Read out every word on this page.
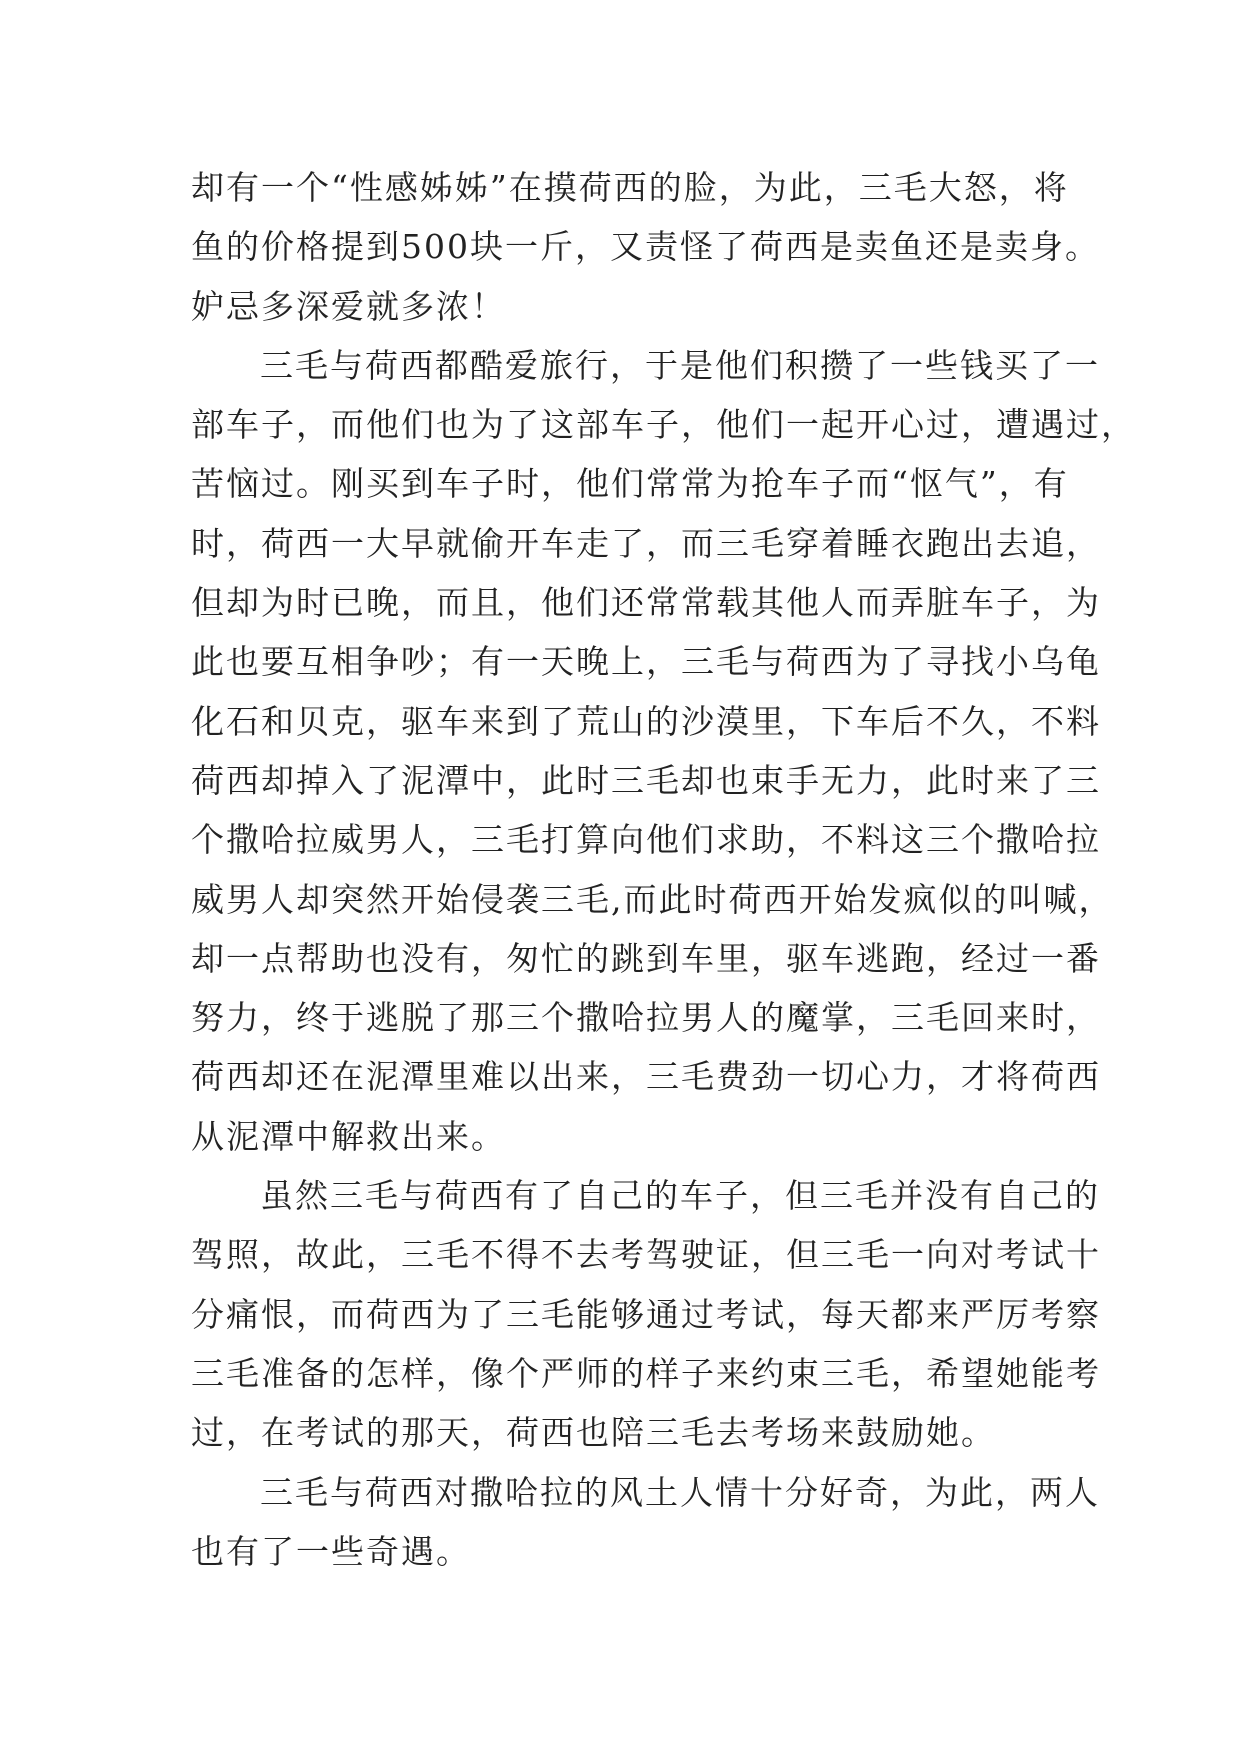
却有一个“性感姊姊”在摸荷西的脸，为此，三毛大怒，将
鱼的价格提到500块一斤，又责怪了荷西是卖鱼还是卖身。
妒忌多深爱就多浓！
三毛与荷西都酷爱旅行，于是他们积攒了一些钱买了一
部车子，而他们也为了这部车子，他们一起开心过，遭遇过，
苦恼过。刚买到车子时，他们常常为抢车子而“怄气”，有
时，荷西一大早就偷开车走了，而三毛穿着睡衣跑出去追，
但却为时已晚，而且，他们还常常载其他人而弄脏车子，为
此也要互相争吵；有一天晚上，三毛与荷西为了寻找小乌龟
化石和贝克，驱车来到了荒山的沙漠里，下车后不久，不料
荷西却掉入了泥潭中，此时三毛却也束手无力，此时来了三
个撒哈拉威男人，三毛打算向他们求助，不料这三个撒哈拉
威男人却突然开始侵袭三毛,而此时荷西开始发疯似的叫喊，
却一点帮助也没有，匆忙的跳到车里，驱车逃跑，经过一番
努力，终于逃脱了那三个撒哈拉男人的魔掌，三毛回来时，
荷西却还在泥潭里难以出来，三毛费劲一切心力，才将荷西
从泥潭中解救出来。
虽然三毛与荷西有了自己的车子，但三毛并没有自己的
驾照，故此，三毛不得不去考驾驶证，但三毛一向对考试十
分痛恨，而荷西为了三毛能够通过考试，每天都来严厉考察
三毛准备的怎样，像个严师的样子来约束三毛，希望她能考
过，在考试的那天，荷西也陪三毛去考场来鼓励她。
三毛与荷西对撒哈拉的风土人情十分好奇，为此，两人
也有了一些奇遇。
